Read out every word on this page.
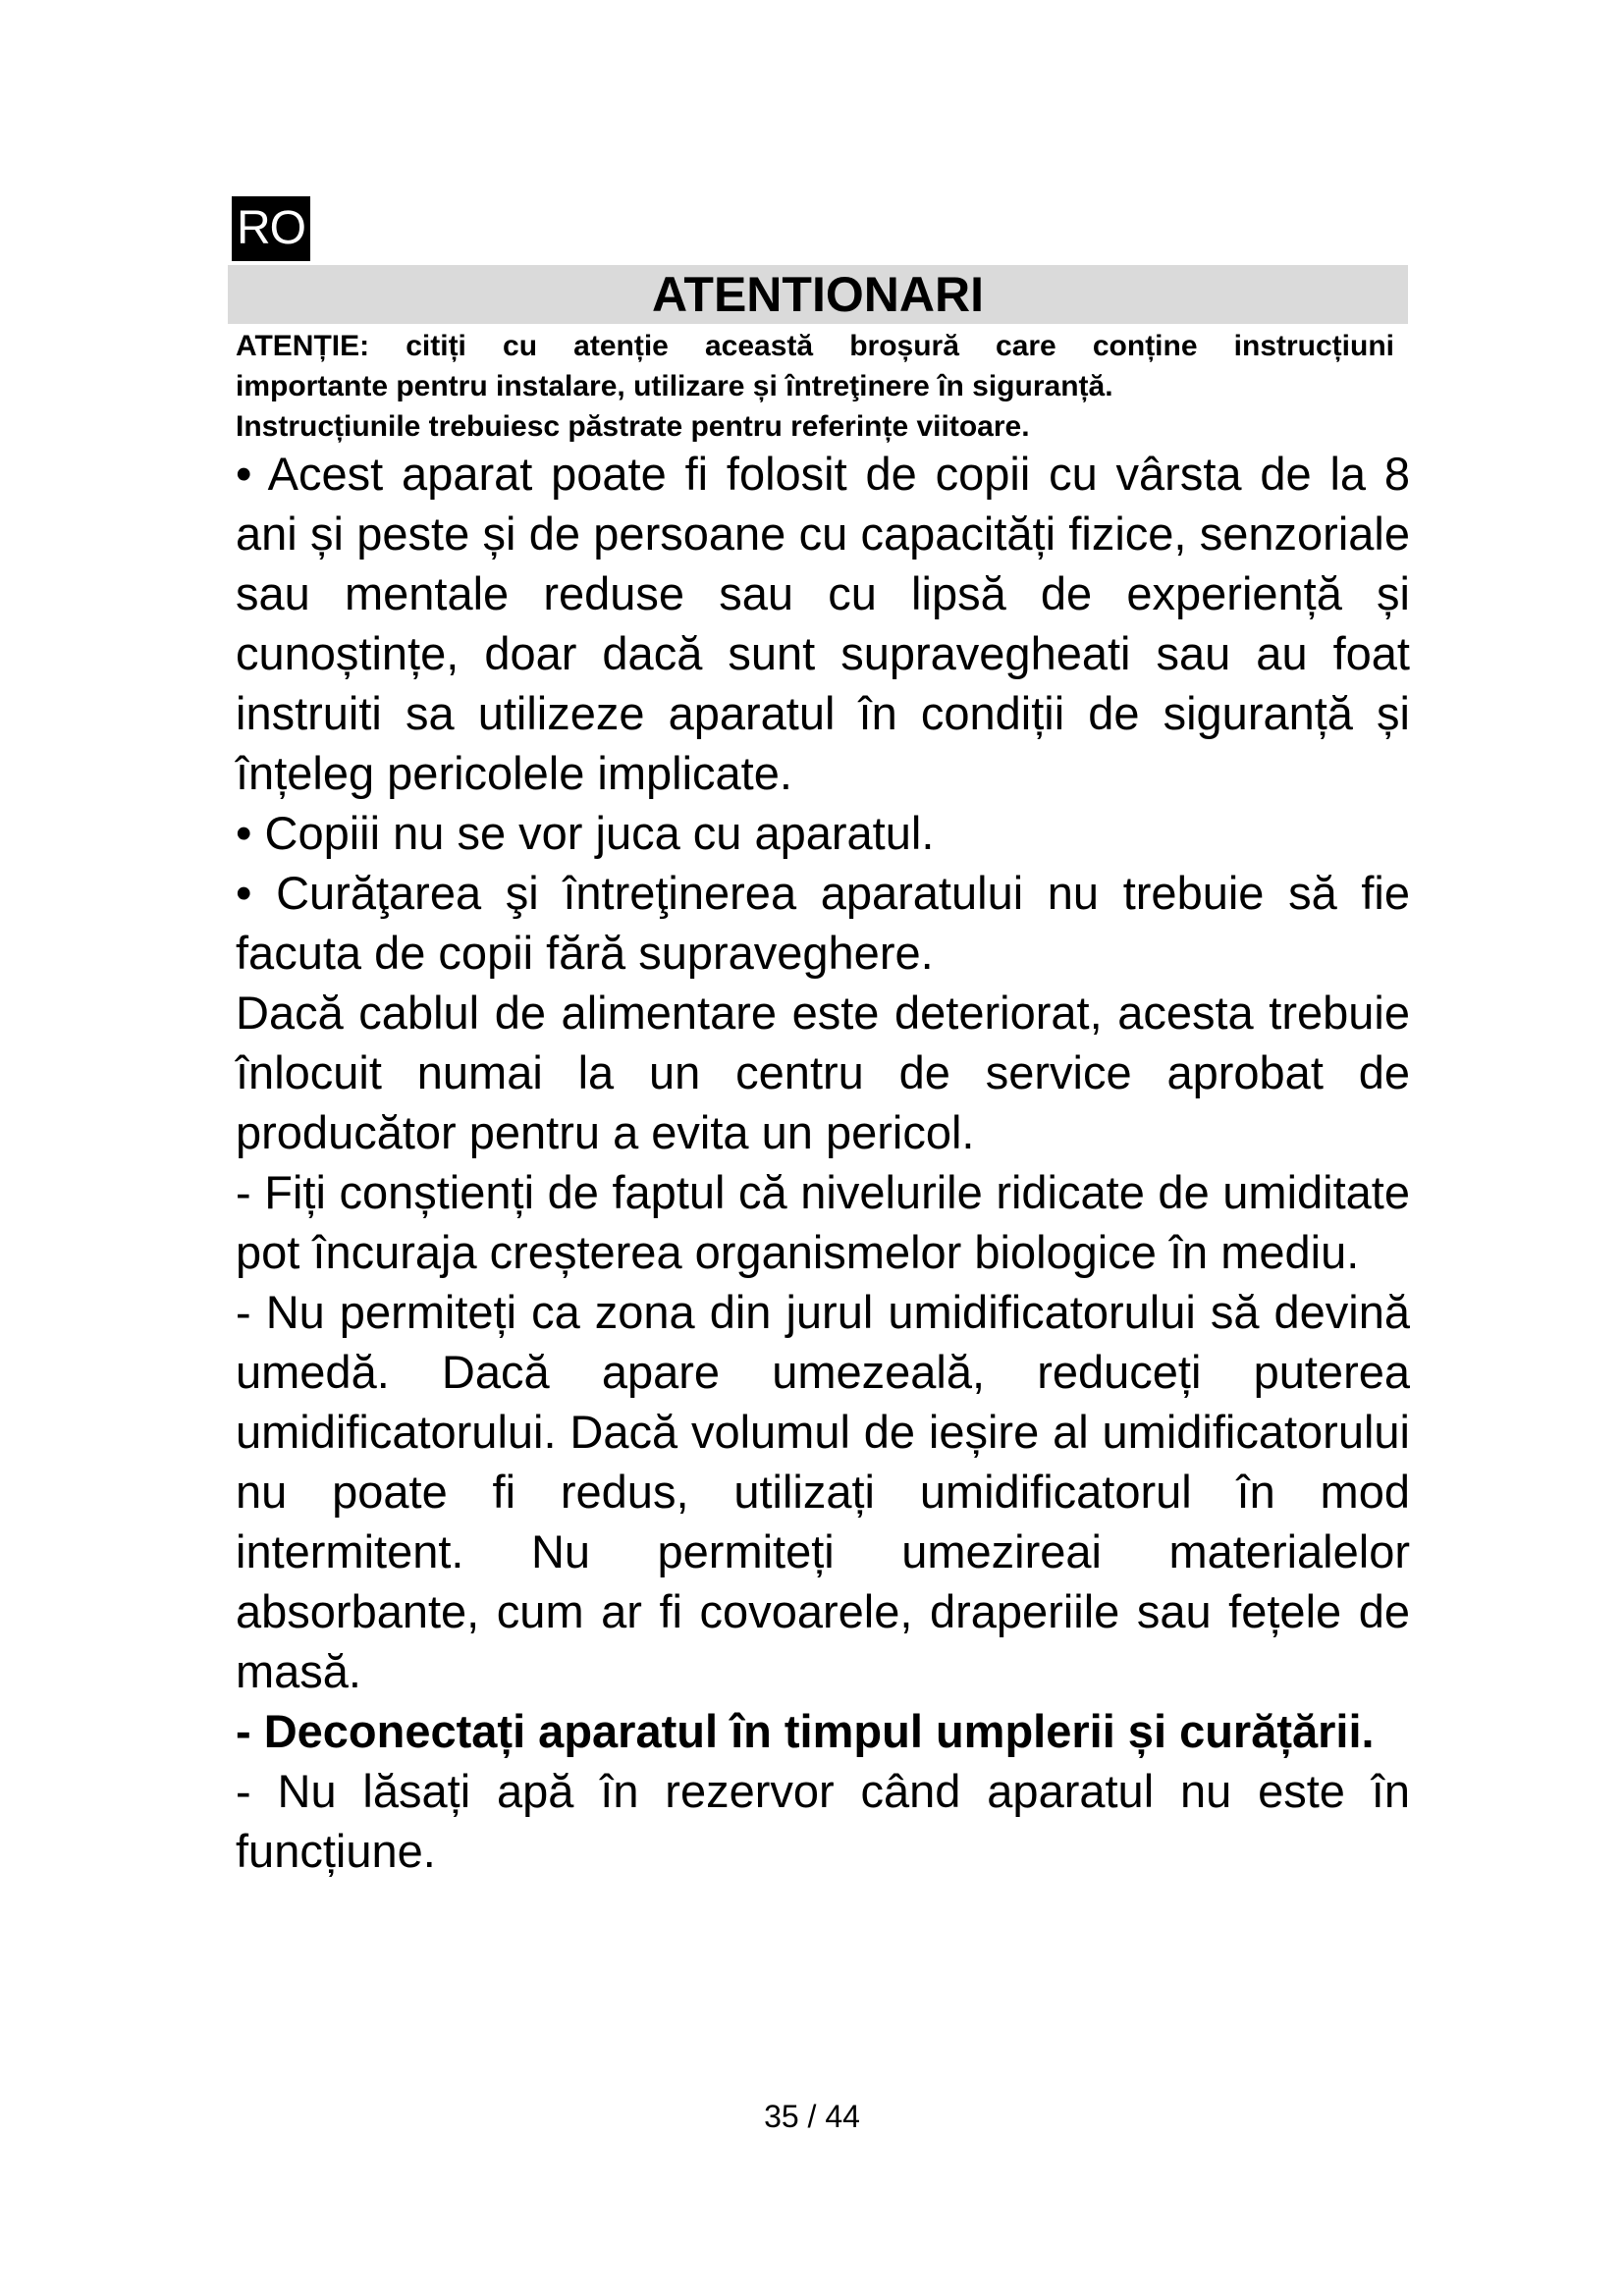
RO
ATENTIONARI

ATENȚIE: citiți cu atenție această broșură care conține instrucțiuni

importante pentru instalare, utilizare și întreţinere în siguranță.

Instrucțiunile trebuiesc păstrate pentru referințe viitoare.

• Acest aparat poate fi folosit de copii cu vârsta de la 8 ani și peste și de persoane cu capacități fizice, senzoriale sau mentale reduse sau cu lipsă de experiență și cunoștințe, doar dacă sunt supravegheati sau au foat instruiti sa utilizeze aparatul în condiții de siguranță și înțeleg pericolele implicate.

• Copiii nu se vor juca cu aparatul.

• Curăţarea şi întreţinerea aparatului nu trebuie să fie facuta de copii fără supraveghere.

Dacă cablul de alimentare este deteriorat, acesta trebuie înlocuit numai la un centru de service aprobat de producător pentru a evita un pericol.

- Fiți conștienți de faptul că nivelurile ridicate de umiditate pot încuraja creșterea organismelor biologice în mediu.

- Nu permiteți ca zona din jurul umidificatorului să devină umedă. Dacă apare umezeală, reduceți puterea umidificatorului. Dacă volumul de ieșire al umidificatorului nu poate fi redus, utilizați umidificatorul în mod intermitent. Nu permiteți umezireai materialelor absorbante, cum ar fi covoarele, draperiile sau fețele de masă.

- Deconectați aparatul în timpul umplerii și curățării.

- Nu lăsați apă în rezervor când aparatul nu este în funcțiune.

35 / 44
